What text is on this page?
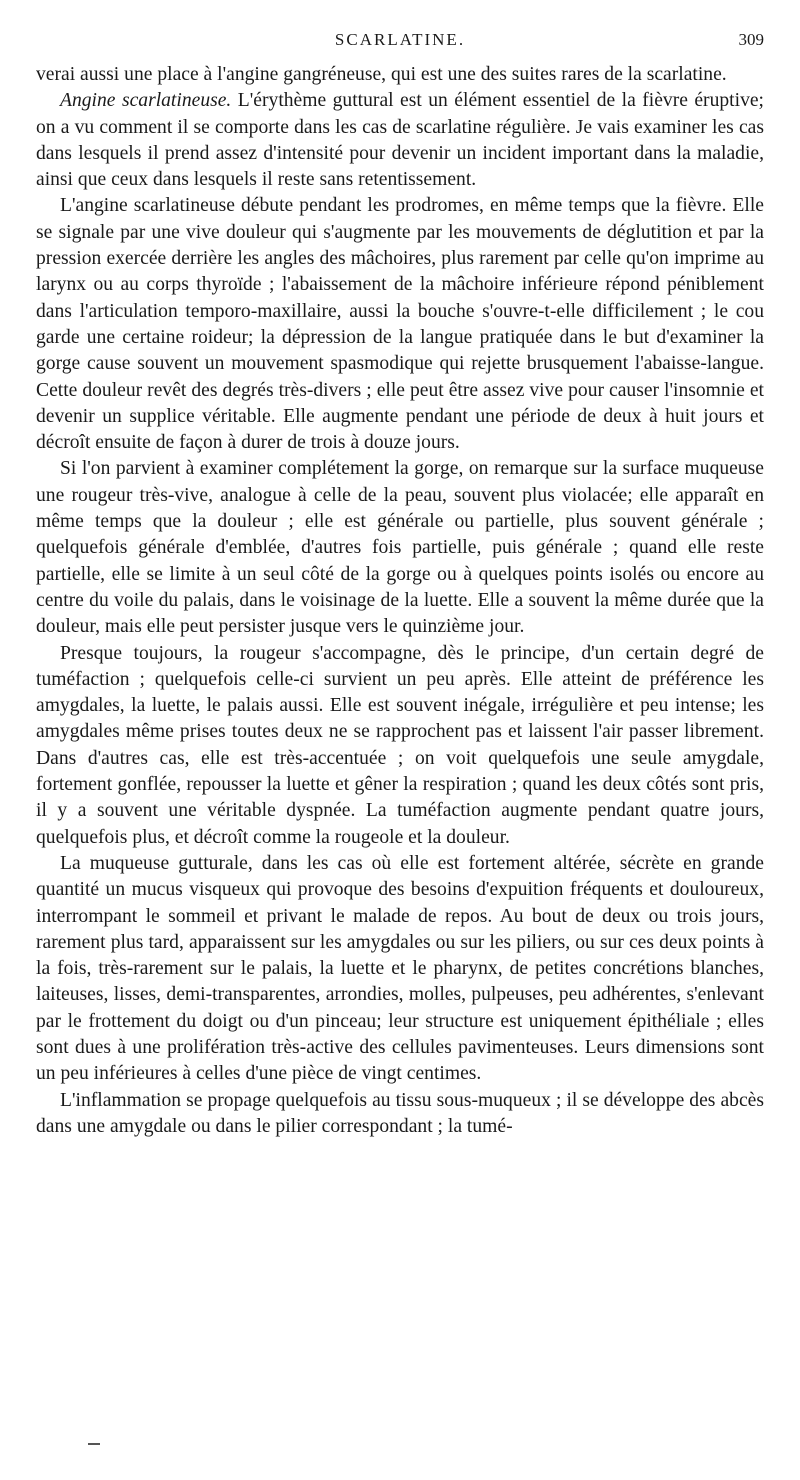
SCARLATINE.	309

verai aussi une place à l'angine gangréneuse, qui est une des suites rares de la scarlatine.

Angine scarlatineuse. L'érythème guttural est un élément essentiel de la fièvre éruptive; on a vu comment il se comporte dans les cas de scarlatine régulière. Je vais examiner les cas dans lesquels il prend assez d'intensité pour devenir un incident important dans la maladie, ainsi que ceux dans lesquels il reste sans retentissement.

L'angine scarlatineuse débute pendant les prodromes, en même temps que la fièvre. Elle se signale par une vive douleur qui s'augmente par les mouvements de déglutition et par la pression exercée derrière les angles des mâchoires, plus rarement par celle qu'on imprime au larynx ou au corps thyroïde ; l'abaissement de la mâchoire inférieure répond péniblement dans l'articulation temporo-maxillaire, aussi la bouche s'ouvre-t-elle difficilement ; le cou garde une certaine roideur; la dépression de la langue pratiquée dans le but d'examiner la gorge cause souvent un mouvement spasmodique qui rejette brusquement l'abaisse-langue. Cette douleur revêt des degrés très-divers ; elle peut être assez vive pour causer l'insomnie et devenir un supplice véritable. Elle augmente pendant une période de deux à huit jours et décroît ensuite de façon à durer de trois à douze jours.

Si l'on parvient à examiner complétement la gorge, on remarque sur la surface muqueuse une rougeur très-vive, analogue à celle de la peau, souvent plus violacée; elle apparaît en même temps que la douleur ; elle est générale ou partielle, plus souvent générale ; quelquefois générale d'emblée, d'autres fois partielle, puis générale ; quand elle reste partielle, elle se limite à un seul côté de la gorge ou à quelques points isolés ou encore au centre du voile du palais, dans le voisinage de la luette. Elle a souvent la même durée que la douleur, mais elle peut persister jusque vers le quinzième jour.

Presque toujours, la rougeur s'accompagne, dès le principe, d'un certain degré de tuméfaction ; quelquefois celle-ci survient un peu après. Elle atteint de préférence les amygdales, la luette, le palais aussi. Elle est souvent inégale, irrégulière et peu intense; les amygdales même prises toutes deux ne se rapprochent pas et laissent l'air passer librement. Dans d'autres cas, elle est très-accentuée ; on voit quelquefois une seule amygdale, fortement gonflée, repousser la luette et gêner la respiration ; quand les deux côtés sont pris, il y a souvent une véritable dyspnée. La tuméfaction augmente pendant quatre jours, quelquefois plus, et décroît comme la rougeole et la douleur.

La muqueuse gutturale, dans les cas où elle est fortement altérée, sécrète en grande quantité un mucus visqueux qui provoque des besoins d'expuition fréquents et douloureux, interrompant le sommeil et privant le malade de repos. Au bout de deux ou trois jours, rarement plus tard, apparaissent sur les amygdales ou sur les piliers, ou sur ces deux points à la fois, très-rarement sur le palais, la luette et le pharynx, de petites concrétions blanches, laiteuses, lisses, demi-transparentes, arrondies, molles, pulpeuses, peu adhérentes, s'enlevant par le frottement du doigt ou d'un pinceau; leur structure est uniquement épithéliale ; elles sont dues à une prolifération très-active des cellules pavimenteuses. Leurs dimensions sont un peu inférieures à celles d'une pièce de vingt centimes.

L'inflammation se propage quelquefois au tissu sous-muqueux ; il se développe des abcès dans une amygdale ou dans le pilier correspondant ; la tumé-
